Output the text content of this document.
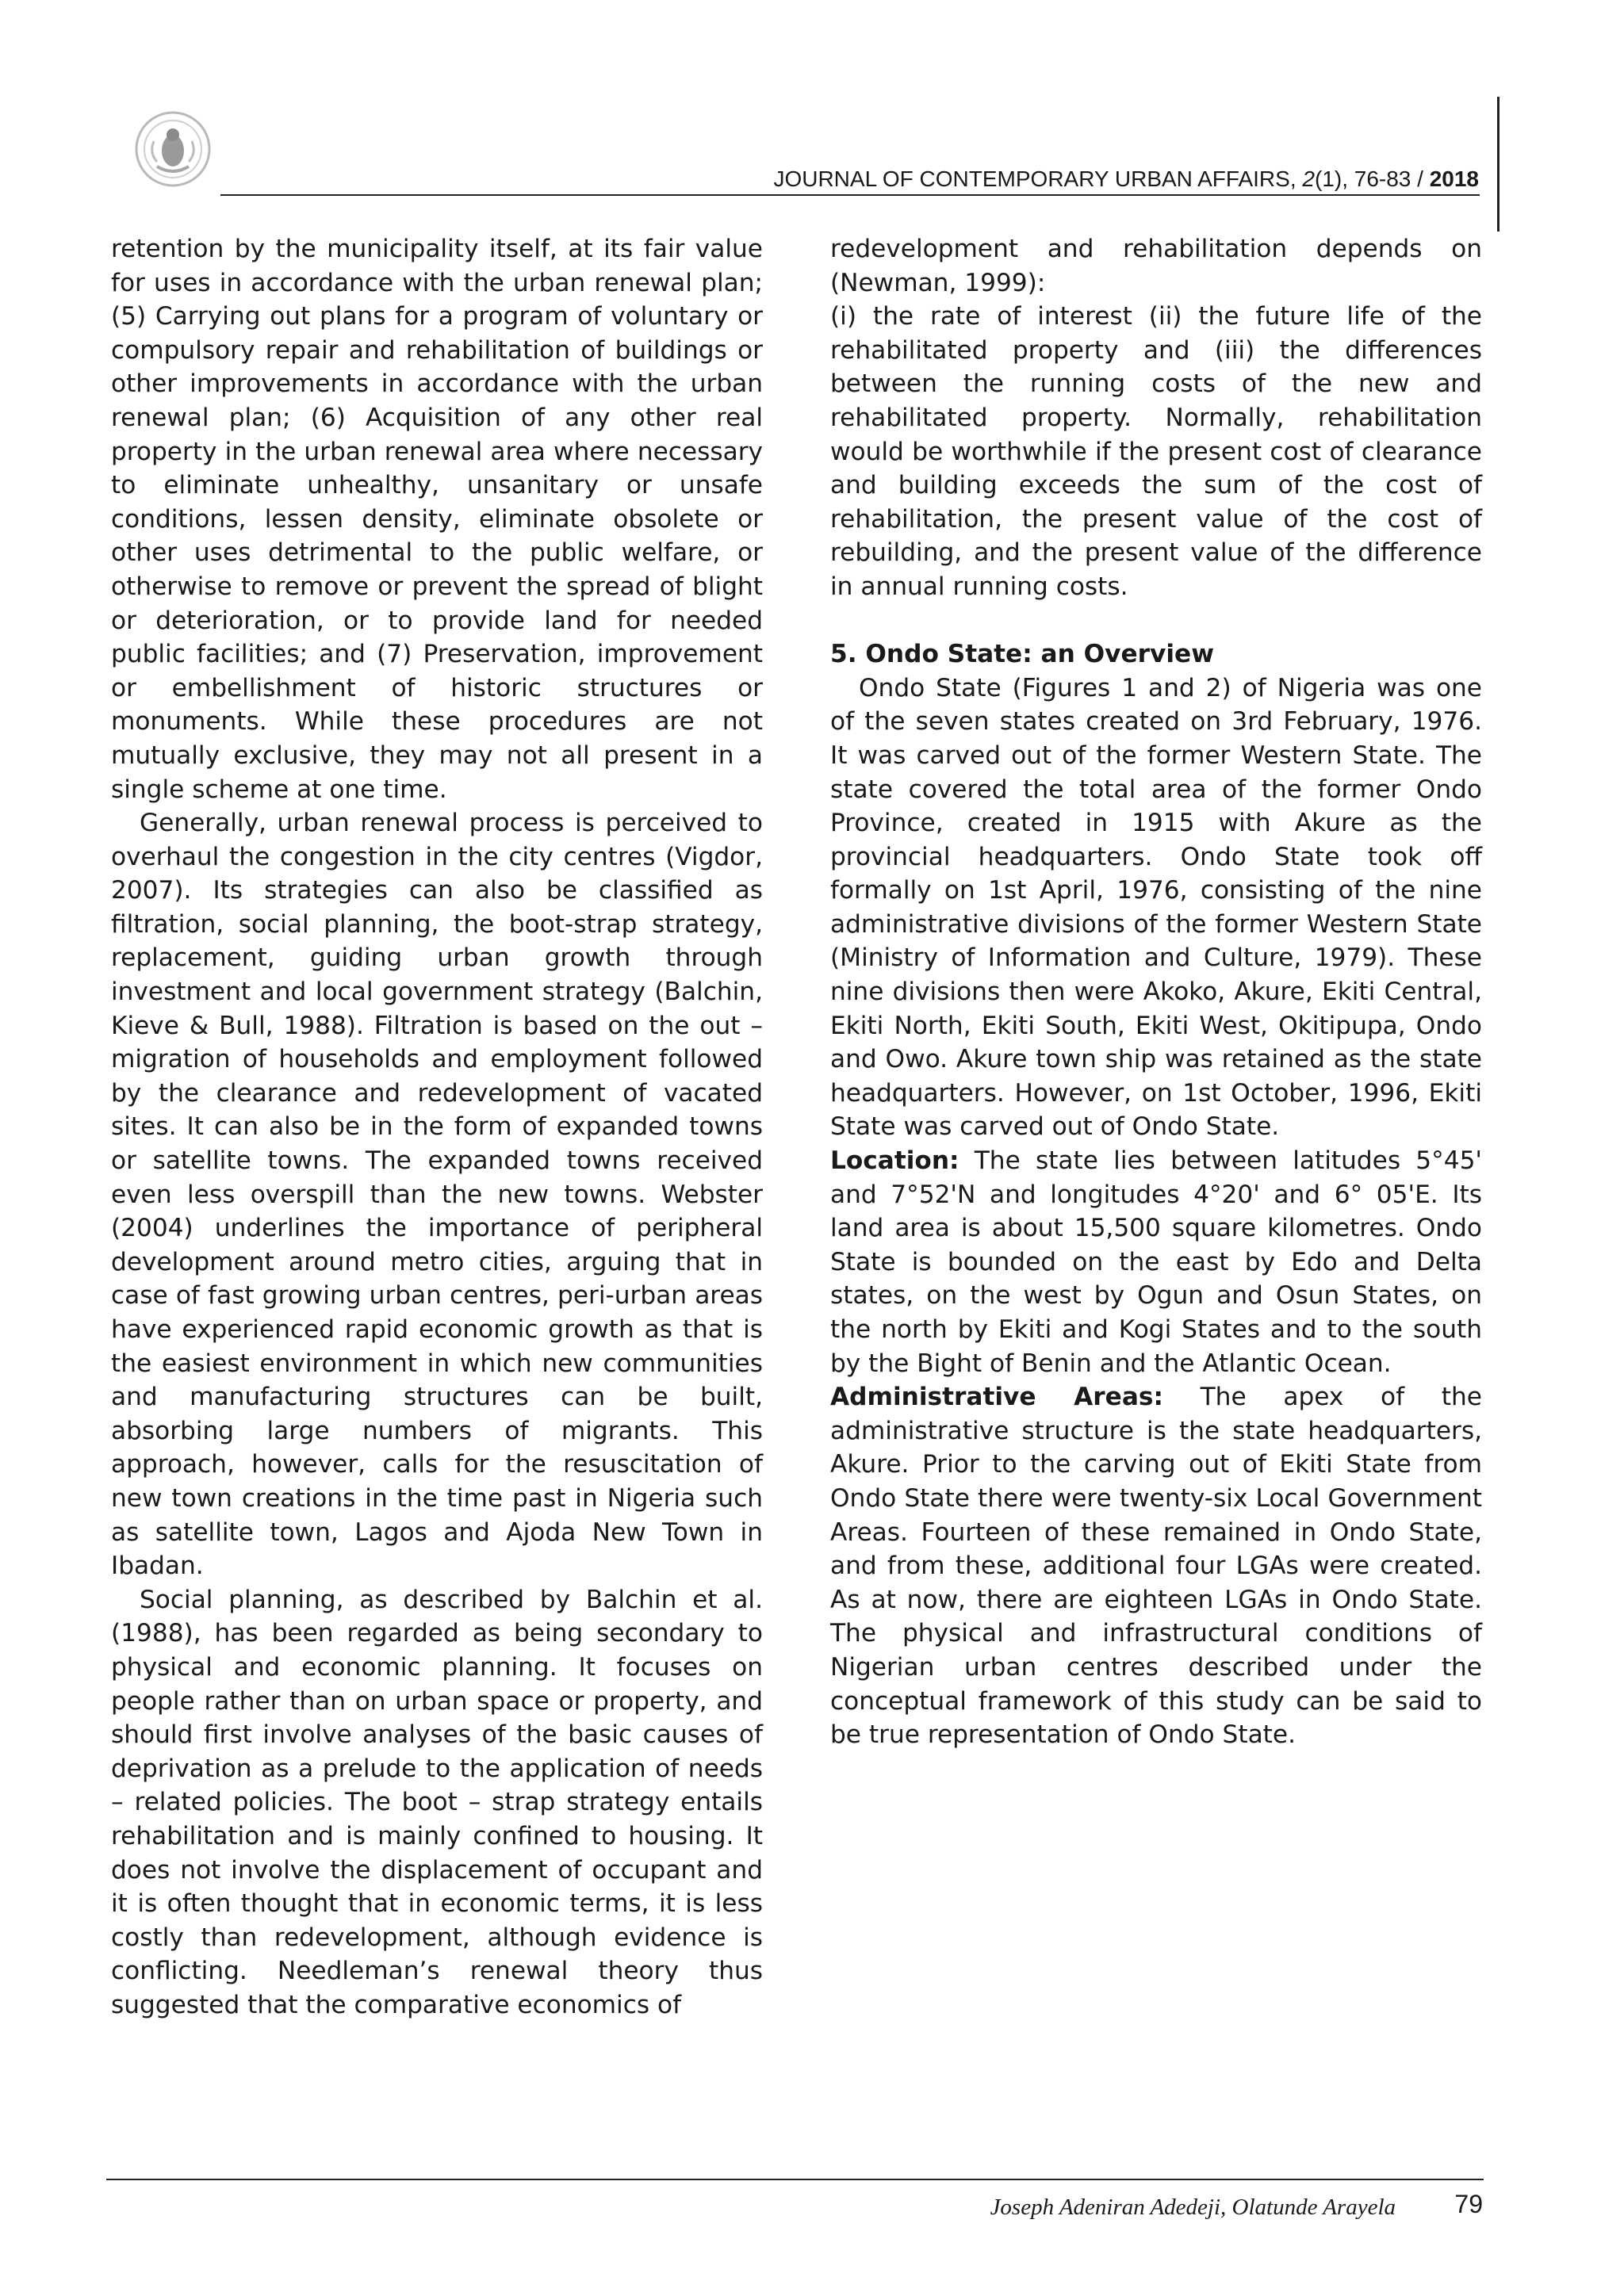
JOURNAL OF CONTEMPORARY URBAN AFFAIRS, 2(1), 76-83 / 2018

retention by the municipality itself, at its fair value for uses in accordance with the urban renewal plan; (5) Carrying out plans for a program of voluntary or compulsory repair and rehabilitation of buildings or other improvements in accordance with the urban renewal plan; (6) Acquisition of any other real property in the urban renewal area where necessary to eliminate unhealthy, unsanitary or unsafe conditions, lessen density, eliminate obsolete or other uses detrimental to the public welfare, or otherwise to remove or prevent the spread of blight or deterioration, or to provide land for needed public facilities; and (7) Preservation, improvement or embellishment of historic structures or monuments. While these procedures are not mutually exclusive, they may not all present in a single scheme at one time.

Generally, urban renewal process is perceived to overhaul the congestion in the city centres (Vigdor, 2007). Its strategies can also be classified as filtration, social planning, the boot-strap strategy, replacement, guiding urban growth through investment and local government strategy (Balchin, Kieve & Bull, 1988). Filtration is based on the out – migration of households and employment followed by the clearance and redevelopment of vacated sites. It can also be in the form of expanded towns or satellite towns. The expanded towns received even less overspill than the new towns. Webster (2004) underlines the importance of peripheral development around metro cities, arguing that in case of fast growing urban centres, peri-urban areas have experienced rapid economic growth as that is the easiest environment in which new communities and manufacturing structures can be built, absorbing large numbers of migrants. This approach, however, calls for the resuscitation of new town creations in the time past in Nigeria such as satellite town, Lagos and Ajoda New Town in Ibadan.

Social planning, as described by Balchin et al. (1988), has been regarded as being secondary to physical and economic planning. It focuses on people rather than on urban space or property, and should first involve analyses of the basic causes of deprivation as a prelude to the application of needs – related policies. The boot – strap strategy entails rehabilitation and is mainly confined to housing. It does not involve the displacement of occupant and it is often thought that in economic terms, it is less costly than redevelopment, although evidence is conflicting. Needleman’s renewal theory thus suggested that the comparative economics of

redevelopment and rehabilitation depends on (Newman, 1999):

(i) the rate of interest (ii) the future life of the rehabilitated property and (iii) the differences between the running costs of the new and rehabilitated property. Normally, rehabilitation would be worthwhile if the present cost of clearance and building exceeds the sum of the cost of rehabilitation, the present value of the cost of rebuilding, and the present value of the difference in annual running costs.

5. Ondo State: an Overview

Ondo State (Figures 1 and 2) of Nigeria was one of the seven states created on 3rd February, 1976. It was carved out of the former Western State. The state covered the total area of the former Ondo Province, created in 1915 with Akure as the provincial headquarters. Ondo State took off formally on 1st April, 1976, consisting of the nine administrative divisions of the former Western State (Ministry of Information and Culture, 1979). These nine divisions then were Akoko, Akure, Ekiti Central, Ekiti North, Ekiti South, Ekiti West, Okitipupa, Ondo and Owo. Akure town ship was retained as the state headquarters. However, on 1st October, 1996, Ekiti State was carved out of Ondo State.

Location: The state lies between latitudes 5°45' and 7°52'N and longitudes 4°20' and 6° 05'E. Its land area is about 15,500 square kilometres. Ondo State is bounded on the east by Edo and Delta states, on the west by Ogun and Osun States, on the north by Ekiti and Kogi States and to the south by the Bight of Benin and the Atlantic Ocean.

Administrative Areas: The apex of the administrative structure is the state headquarters, Akure. Prior to the carving out of Ekiti State from Ondo State there were twenty-six Local Government Areas. Fourteen of these remained in Ondo State, and from these, additional four LGAs were created. As at now, there are eighteen LGAs in Ondo State. The physical and infrastructural conditions of Nigerian urban centres described under the conceptual framework of this study can be said to be true representation of Ondo State.

Joseph Adeniran Adedeji, Olatunde Arayela	79
